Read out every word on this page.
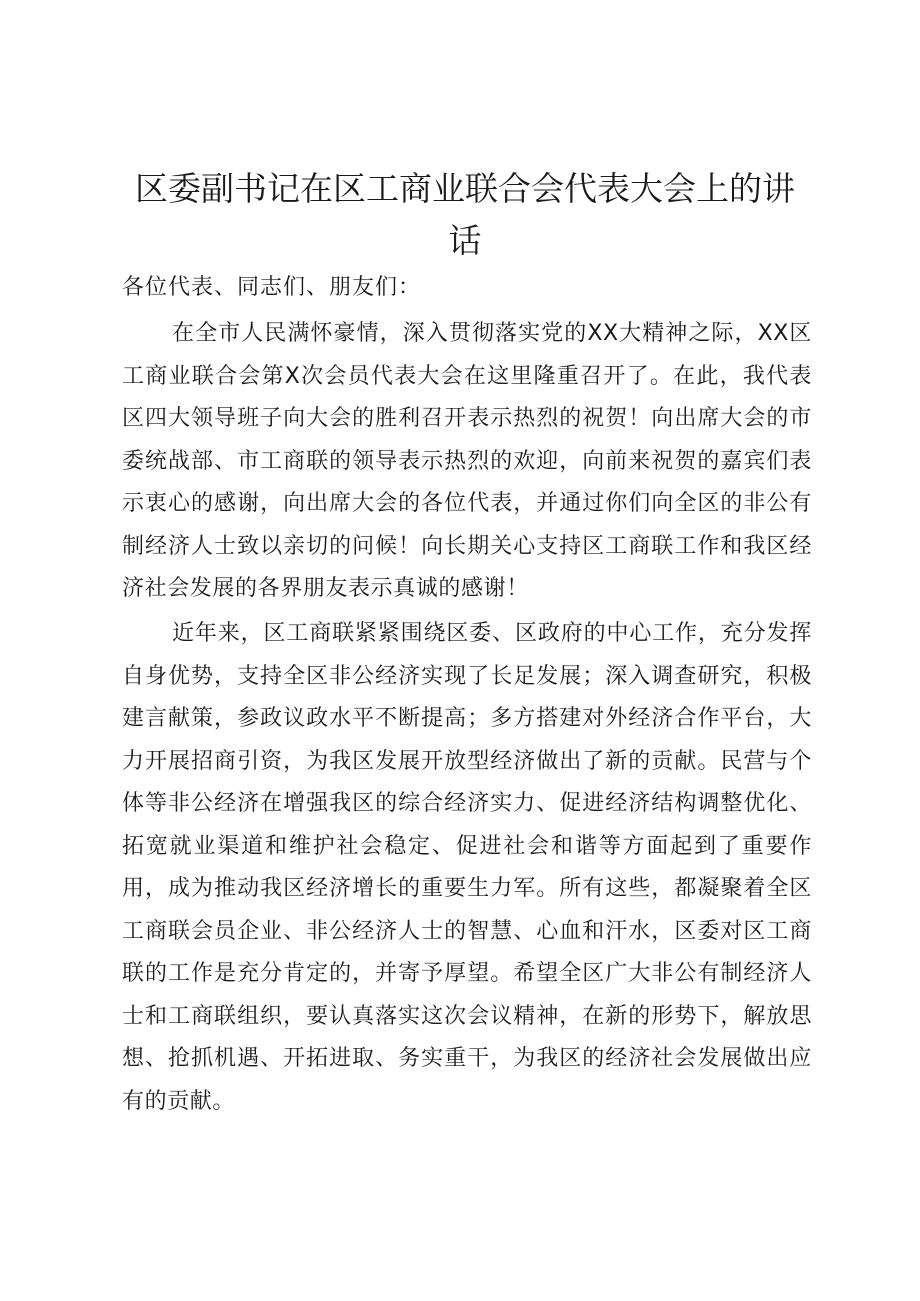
区委副书记在区工商业联合会代表大会上的讲话

各位代表、同志们、朋友们：

在全市人民满怀豪情，深入贯彻落实党的XX大精神之际，XX区工商业联合会第X次会员代表大会在这里隆重召开了。在此，我代表区四大领导班子向大会的胜利召开表示热烈的祝贺！向出席大会的市委统战部、市工商联的领导表示热烈的欢迎，向前来祝贺的嘉宾们表示衷心的感谢，向出席大会的各位代表，并通过你们向全区的非公有制经济人士致以亲切的问候！向长期关心支持区工商联工作和我区经济社会发展的各界朋友表示真诚的感谢！

近年来，区工商联紧紧围绕区委、区政府的中心工作，充分发挥自身优势，支持全区非公经济实现了长足发展；深入调查研究，积极建言献策，参政议政水平不断提高；多方搭建对外经济合作平台，大力开展招商引资，为我区发展开放型经济做出了新的贡献。民营与个体等非公经济在增强我区的综合经济实力、促进经济结构调整优化、拓宽就业渠道和维护社会稳定、促进社会和谐等方面起到了重要作用，成为推动我区经济增长的重要生力军。所有这些，都凝聚着全区工商联会员企业、非公经济人士的智慧、心血和汗水，区委对区工商联的工作是充分肯定的，并寄予厚望。希望全区广大非公有制经济人士和工商联组织，要认真落实这次会议精神，在新的形势下，解放思想、抢抓机遇、开拓进取、务实重干，为我区的经济社会发展做出应有的贡献。
